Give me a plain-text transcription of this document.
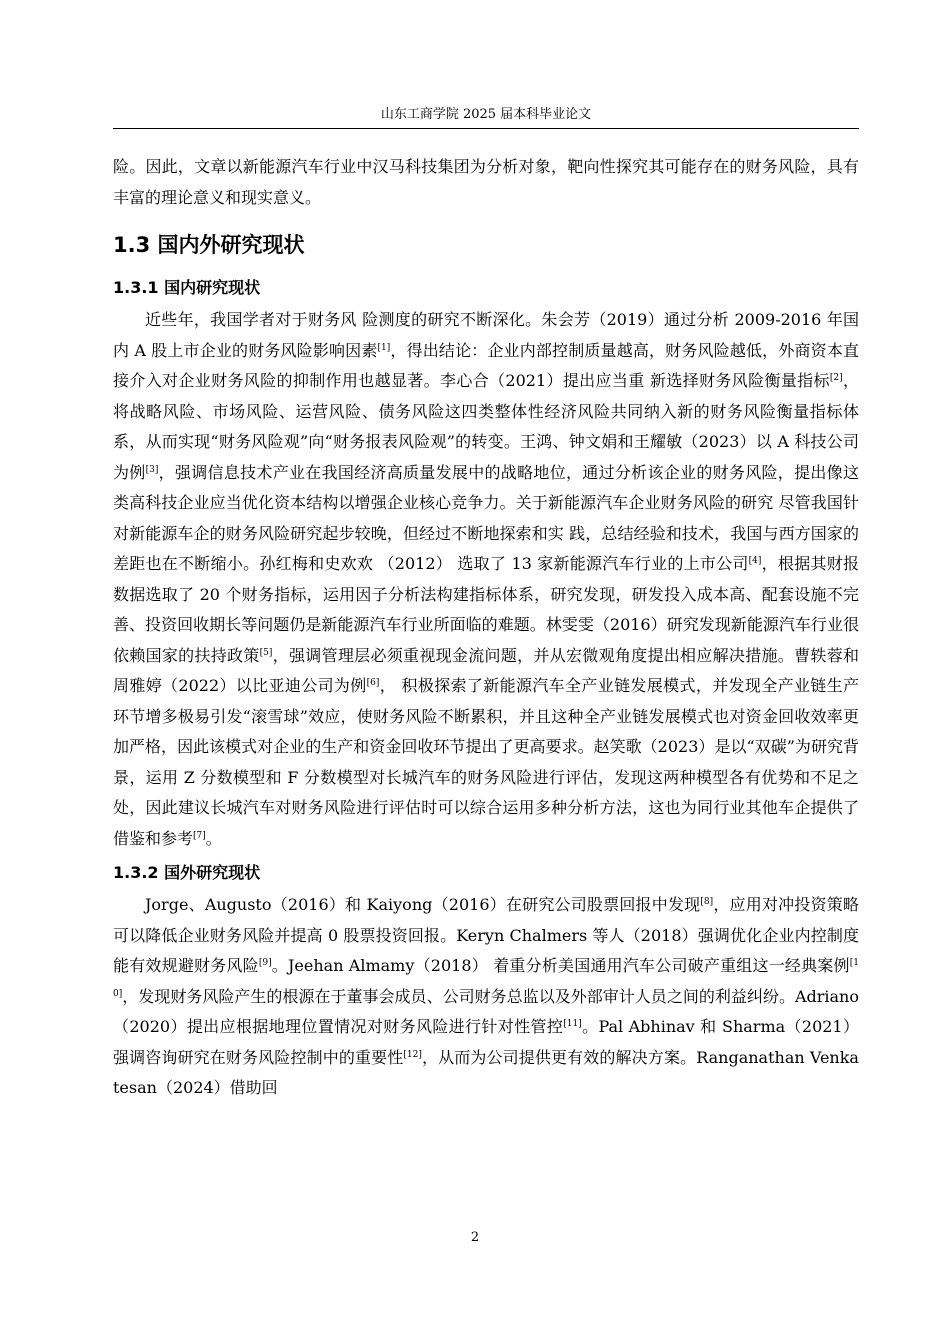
山东工商学院 2025 届本科毕业论文

险。因此，文章以新能源汽车行业中汉马科技集团为分析对象，靶向性探究其可能存在的财务风险，具有丰富的理论意义和现实意义。

1.3 国内外研究现状
1.3.1 国内研究现状

近些年，我国学者对于财务风 险测度的研究不断深化。朱会芳（2019）通过分析 2009-2016 年国内 A 股上市企业的财务风险影响因素[1]，得出结论：企业内部控制质量越高，财务风险越低，外商资本直接介入对企业财务风险的抑制作用也越显著。李心合（2021）提出应当重 新选择财务风险衡量指标[2]，将战略风险、市场风险、运营风险、债务风险这四类整体性经济风险共同纳入新的财务风险衡量指标体系，从而实现“财务风险观”向“财务报表风险观”的转变。王鸿、钟文娟和王耀敏（2023）以 A 科技公司为例[3]，强调信息技术产业在我国经济高质量发展中的战略地位，通过分析该企业的财务风险，提出像这类高科技企业应当优化资本结构以增强企业核心竞争力。关于新能源汽车企业财务风险的研究 尽管我国针对新能源车企的财务风险研究起步较晚，但经过不断地探索和实 践，总结经验和技术，我国与西方国家的差距也在不断缩小。孙红梅和史欢欢 （2012） 选取了 13 家新能源汽车行业的上市公司[4]，根据其财报数据选取了 20 个财务指标，运用因子分析法构建指标体系，研究发现，研发投入成本高、配套设施不完善、投资回收期长等问题仍是新能源汽车行业所面临的难题。林雯雯（2016）研究发现新能源汽车行业很依赖国家的扶持政策[5]，强调管理层必须重视现金流问题，并从宏微观角度提出相应解决措施。曹轶蓉和周雅婷（2022）以比亚迪公司为例[6]， 积极探索了新能源汽车全产业链发展模式，并发现全产业链生产环节增多极易引发“滚雪球”效应，使财务风险不断累积，并且这种全产业链发展模式也对资金回收效率更加严格，因此该模式对企业的生产和资金回收环节提出了更高要求。赵笑歌（2023）是以“双碳”为研究背景，运用 Z 分数模型和 F 分数模型对长城汽车的财务风险进行评估，发现这两种模型各有优势和不足之处，因此建议长城汽车对财务风险进行评估时可以综合运用多种分析方法，这也为同行业其他车企提供了借鉴和参考[7]。

1.3.2 国外研究现状

Jorge、Augusto（2016）和 Kaiyong（2016）在研究公司股票回报中发现[8]，应用对冲投资策略可以降低企业财务风险并提高 0 股票投资回报。Keryn Chalmers 等人（2018）强调优化企业内控制度能有效规避财务风险[9]。Jeehan Almamy（2018） 着重分析美国通用汽车公司破产重组这一经典案例[10]，发现财务风险产生的根源在于董事会成员、公司财务总监以及外部审计人员之间的利益纠纷。Adriano（2020）提出应根据地理位置情况对财务风险进行针对性管控[11]。Pal Abhinav 和 Sharma（2021） 强调咨询研究在财务风险控制中的重要性[12]，从而为公司提供更有效的解决方案。Ranganathan Venkatesan（2024）借助回

2
